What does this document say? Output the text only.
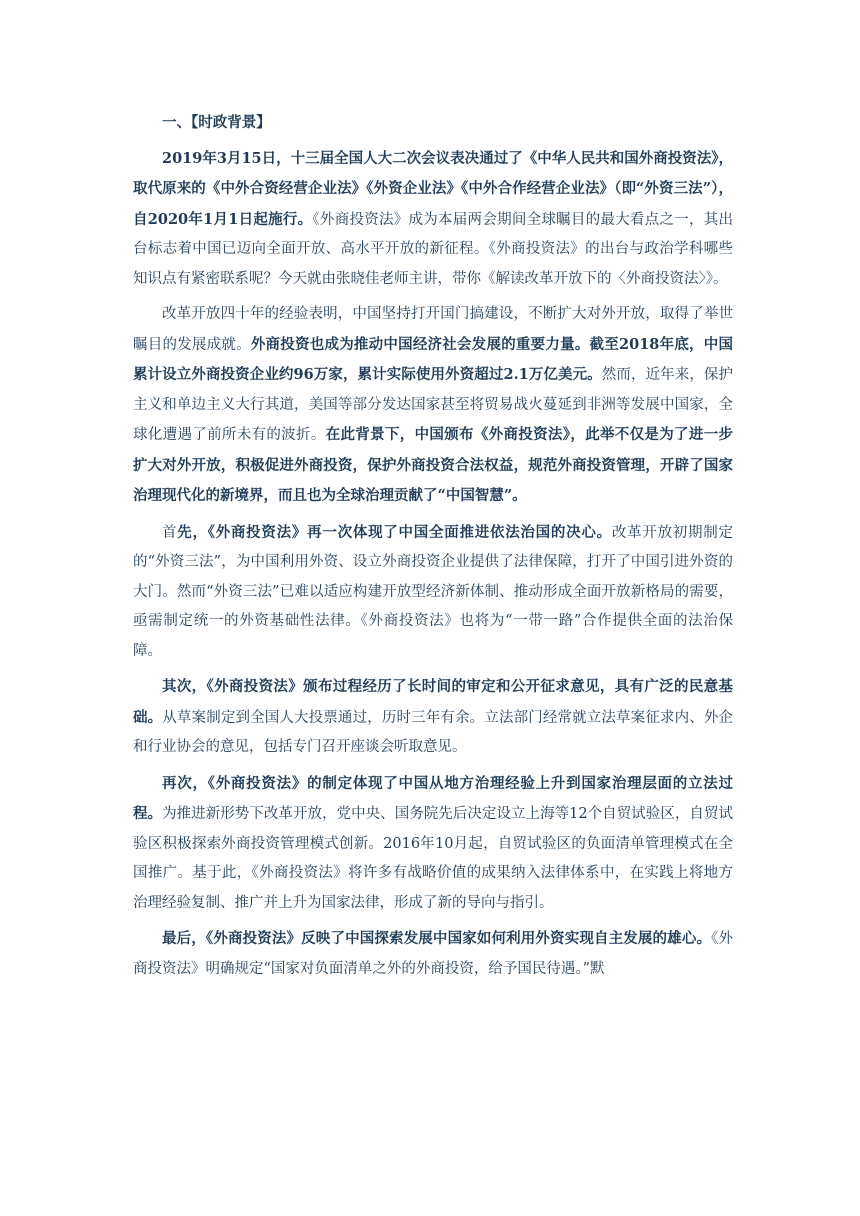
一、【时政背景】

2019年3月15日，十三届全国人大二次会议表决通过了《中华人民共和国外商投资法》，取代原来的《中外合资经营企业法》《外资企业法》《中外合作经营企业法》（即“外资三法”），自2020年1月1日起施行。《外商投资法》成为本届两会期间全球瞩目的最大看点之一，其出台标志着中国已迈向全面开放、高水平开放的新征程。《外商投资法》的出台与政治学科哪些知识点有紧密联系呢？今天就由张晓佳老师主讲，带你《解读改革开放下的〈外商投资法〉》。

改革开放四十年的经验表明，中国坚持打开国门搞建设，不断扩大对外开放，取得了举世瞩目的发展成就。外商投资也成为推动中国经济社会发展的重要力量。截至2018年底，中国累计设立外商投资企业约96万家，累计实际使用外资超过2.1万亿美元。然而，近年来，保护主义和单边主义大行其道，美国等部分发达国家甚至将贸易战火蔓延到非洲等发展中国家，全球化遭遇了前所未有的波折。在此背景下，中国颁布《外商投资法》，此举不仅是为了进一步扩大对外开放，积极促进外商投资，保护外商投资合法权益，规范外商投资管理，开辟了国家治理现代化的新境界，而且也为全球治理贡献了“中国智慧”。

首先，《外商投资法》再一次体现了中国全面推进依法治国的决心。改革开放初期制定的“外资三法”，为中国利用外资、设立外商投资企业提供了法律保障，打开了中国引进外资的大门。然而“外资三法”已难以适应构建开放型经济新体制、推动形成全面开放新格局的需要，亟需制定统一的外资基础性法律。《外商投资法》也将为“一带一路”合作提供全面的法治保障。

其次，《外商投资法》颁布过程经历了长时间的审定和公开征求意见，具有广泛的民意基础。从草案制定到全国人大投票通过，历时三年有余。立法部门经常就立法草案征求内、外企和行业协会的意见，包括专门召开座谈会听取意见。

再次，《外商投资法》的制定体现了中国从地方治理经验上升到国家治理层面的立法过程。为推进新形势下改革开放，党中央、国务院先后决定设立上海等12个自贸试验区，自贸试验区积极探索外商投资管理模式创新。2016年10月起，自贸试验区的负面清单管理模式在全国推广。基于此，《外商投资法》将许多有战略价值的成果纳入法律体系中，在实践上将地方治理经验复制、推广并上升为国家法律，形成了新的导向与指引。

最后，《外商投资法》反映了中国探索发展中国家如何利用外资实现自主发展的雄心。《外商投资法》明确规定“国家对负面清单之外的外商投资，给予国民待遇。”默
